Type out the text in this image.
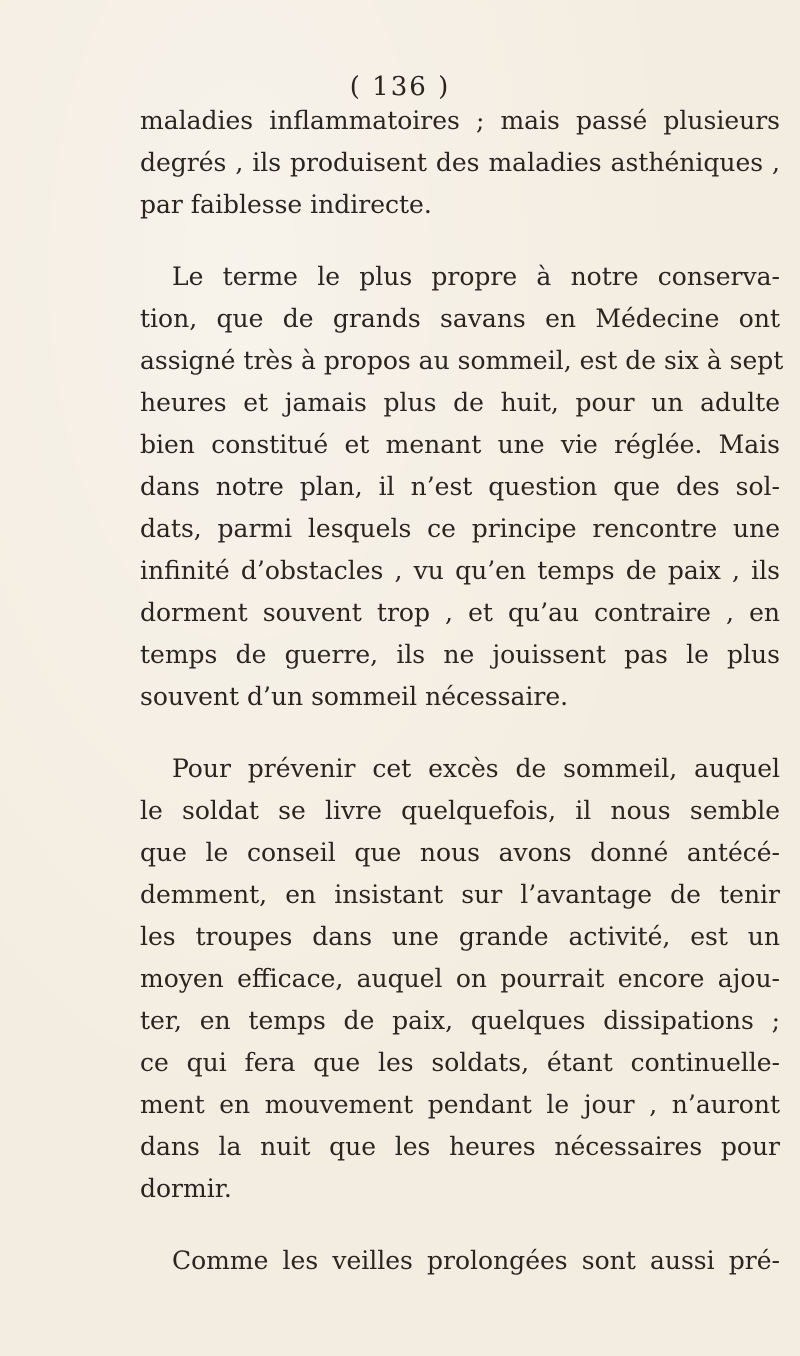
( 136 )
maladies inflammatoires ; mais passé plusieurs
degrés , ils produisent des maladies asthéniques ,
par faiblesse indirecte.
Le terme le plus propre à notre conserva-
tion, que de grands savans en Médecine ont
assigné très à propos au sommeil, est de six à sept
heures et jamais plus de huit, pour un adulte
bien constitué et menant une vie réglée. Mais
dans notre plan, il n’est question que des sol-
dats, parmi lesquels ce principe rencontre une
infinité d’obstacles , vu qu’en temps de paix , ils
dorment souvent trop , et qu’au contraire , en
temps de guerre, ils ne jouissent pas le plus
souvent d’un sommeil nécessaire.
Pour prévenir cet excès de sommeil, auquel
le soldat se livre quelquefois, il nous semble
que le conseil que nous avons donné antécé-
demment, en insistant sur l’avantage de tenir
les troupes dans une grande activité, est un
moyen efficace, auquel on pourrait encore ajou-
ter, en temps de paix, quelques dissipations ;
ce qui fera que les soldats, étant continuelle-
ment en mouvement pendant le jour , n’auront
dans la nuit que les heures nécessaires pour
dormir.
Comme les veilles prolongées sont aussi pré-
